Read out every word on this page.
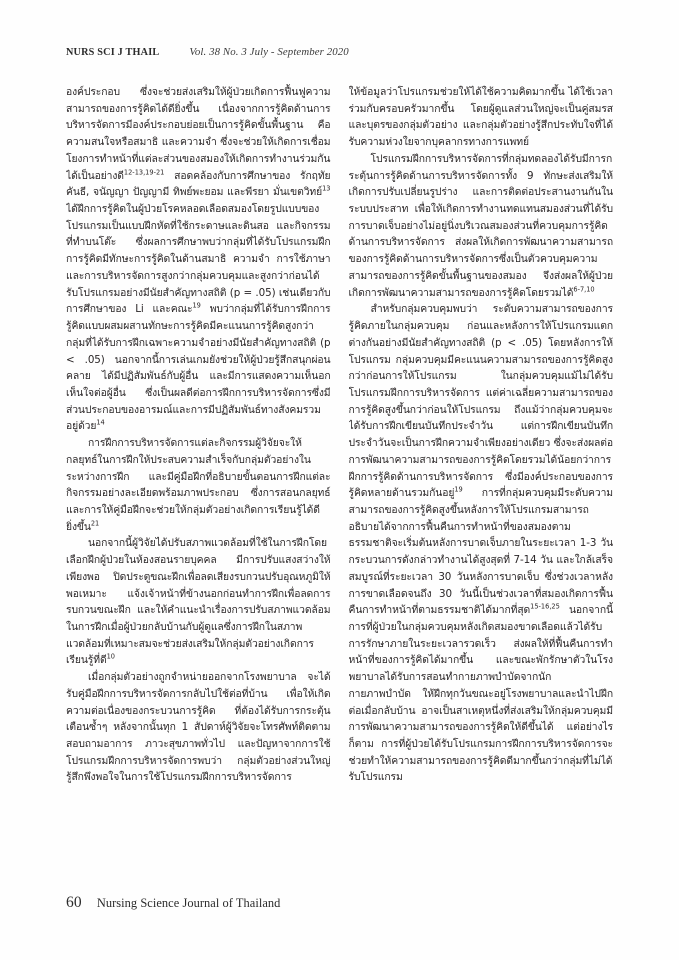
NURS SCI J THAIL	Vol. 38 No. 3 July - September 2020

องค์ประกอบ ซึ่งจะช่วยส่งเสริมให้ผู้ป่วยเกิดการฟื้นฟูความสามารถของการรู้คิดได้ดียิ่งขึ้น เนื่องจากการรู้คิดด้านการบริหารจัดการมีองค์ประกอบย่อยเป็นการรู้คิดขั้นพื้นฐาน คือ ความสนใจหรือสมาธิ และความจำ ซึ่งจะช่วยให้เกิดการเชื่อมโยงการทำหน้าที่แต่ละส่วนของสมองให้เกิดการทำงานร่วมกันได้เป็นอย่างดี$^{12-13,19-21}$ สอดคล้องกับการศึกษาของ รักฤทัยคันธี, จนัญญา ปัญญามี ทิพย์พะยอม และพีรยา มั่นเขตวิทย์$^{13}$ ได้ฝึกการรู้คิดในผู้ป่วยโรคหลอดเลือดสมองโดยรูปแบบของโปรแกรมเป็นแบบฝึกหัดที่ใช้กระดาษและดินสอ และกิจกรรมที่ทำบนโต๊ะ ซึ่งผลการศึกษาพบว่ากลุ่มที่ได้รับโปรแกรมฝึกการรู้คิดมีทักษะการรู้คิดในด้านสมาธิ ความจำ การใช้ภาษาและการบริหารจัดการสูงกว่ากลุ่มควบคุมและสูงกว่าก่อนได้รับโปรแกรมอย่างมีนัยสำคัญทางสถิติ (p = .05) เช่นเดียวกับการศึกษาของ Li และคณะ$^{19}$ พบว่ากลุ่มที่ได้รับการฝึกการรู้คิดแบบผสมผสานทักษะการรู้คิดมีคะแนนการรู้คิดสูงกว่ากลุ่มที่ได้รับการฝึกเฉพาะความจำอย่างมีนัยสำคัญทางสถิติ (p < .05) นอกจากนี้การเล่นเกมยังช่วยให้ผู้ป่วยรู้สึกสนุกผ่อนคลาย ได้มีปฏิสัมพันธ์กับผู้อื่น และมีการแสดงความเห็นอกเห็นใจต่อผู้อื่น ซึ่งเป็นผลดีต่อการฝึกการบริหารจัดการซึ่งมีส่วนประกอบของอารมณ์และการมีปฏิสัมพันธ์ทางสังคมรวมอยู่ด้วย$^{14}$

การฝึกการบริหารจัดการแต่ละกิจกรรมผู้วิจัยจะให้กลยุทธ์ในการฝึกให้ประสบความสำเร็จกับกลุ่มตัวอย่างในระหว่างการฝึก และมีคู่มือฝึกที่อธิบายขั้นตอนการฝึกแต่ละกิจกรรมอย่างละเอียดพร้อมภาพประกอบ ซึ่งการสอนกลยุทธ์และการให้คู่มือฝึกจะช่วยให้กลุ่มตัวอย่างเกิดการเรียนรู้ได้ดียิ่งขึ้น$^{21}$

นอกจากนี้ผู้วิจัยได้ปรับสภาพแวดล้อมที่ใช้ในการฝึกโดยเลือกฝึกผู้ป่วยในห้องสอนรายบุคคล มีการปรับแสงสว่างให้เพียงพอ ปิดประตูขณะฝึกเพื่อลดเสียงรบกวนปรับอุณหภูมิให้พอเหมาะ แจ้งเจ้าหน้าที่ข้างนอกก่อนทำการฝึกเพื่อลดการรบกวนขณะฝึก และให้คำแนะนำเรื่องการปรับสภาพแวดล้อมในการฝึกเมื่อผู้ป่วยกลับบ้านกับผู้ดูแลซึ่งการฝึกในสภาพแวดล้อมที่เหมาะสมจะช่วยส่งเสริมให้กลุ่มตัวอย่างเกิดการเรียนรู้ที่ดี$^{10}$

เมื่อกลุ่มตัวอย่างถูกจำหน่ายออกจากโรงพยาบาล จะได้รับคู่มือฝึกการบริหารจัดการกลับไปใช้ต่อที่บ้าน เพื่อให้เกิดความต่อเนื่องของกระบวนการรู้คิด ที่ต้องได้รับการกระตุ้นเตือนซ้ำๆ หลังจากนั้นทุก 1 สัปดาห์ผู้วิจัยจะโทรศัพท์ติดตามสอบถามอาการ ภาวะสุขภาพทั่วไป และปัญหาจากการใช้โปรแกรมฝึกการบริหารจัดการพบว่า กลุ่มตัวอย่างส่วนใหญ่รู้สึกพึงพอใจในการใช้โปรแกรมฝึกการบริหารจัดการ

ให้ข้อมูลว่าโปรแกรมช่วยให้ได้ใช้ความคิดมากขึ้น ได้ใช้เวลาร่วมกับครอบครัวมากขึ้น โดยผู้ดูแลส่วนใหญ่จะเป็นคู่สมรสและบุตรของกลุ่มตัวอย่าง และกลุ่มตัวอย่างรู้สึกประทับใจที่ได้รับความห่วงใยจากบุคลากรทางการแพทย์

โปรแกรมฝึกการบริหารจัดการที่กลุ่มทดลองได้รับมีการกระตุ้นการรู้คิดด้านการบริหารจัดการทั้ง 9 ทักษะส่งเสริมให้เกิดการปรับเปลี่ยนรูปร่าง และการติดต่อประสานงานกันในระบบประสาท เพื่อให้เกิดการทำงานทดแทนสมองส่วนที่ได้รับการบาดเจ็บอย่างไม่อยู่นิ่งบริเวณสมองส่วนที่ควบคุมการรู้คิดด้านการบริหารจัดการ ส่งผลให้เกิดการพัฒนาความสามารถของการรู้คิดด้านการบริหารจัดการซึ่งเป็นตัวควบคุมความสามารถของการรู้คิดขั้นพื้นฐานของสมอง จึงส่งผลให้ผู้ป่วยเกิดการพัฒนาความสามารถของการรู้คิดโดยรวมได้$^{6-7,10}$

สำหรับกลุ่มควบคุมพบว่า ระดับความสามารถของการรู้คิดภายในกลุ่มควบคุม ก่อนและหลังการให้โปรแกรมแตกต่างกันอย่างมีนัยสำคัญทางสถิติ (p < .05) โดยหลังการให้โปรแกรม กลุ่มควบคุมมีคะแนนความสามารถของการรู้คิดสูงกว่าก่อนการให้โปรแกรม ในกลุ่มควบคุมแม้ไม่ได้รับโปรแกรมฝึกการบริหารจัดการ แต่ค่าเฉลี่ยความสามารถของการรู้คิดสูงขึ้นกว่าก่อนให้โปรแกรม ถึงแม้ว่ากลุ่มควบคุมจะได้รับการฝึกเขียนบันทึกประจำวัน แต่การฝึกเขียนบันทึกประจำวันจะเป็นการฝึกความจำเพียงอย่างเดียว ซึ่งจะส่งผลต่อการพัฒนาความสามารถของการรู้คิดโดยรวมได้น้อยกว่าการฝึกการรู้คิดด้านการบริหารจัดการ ซึ่งมีองค์ประกอบของการรู้คิดหลายด้านรวมกันอยู่$^{19}$ การที่กลุ่มควบคุมมีระดับความสามารถของการรู้คิดสูงขึ้นหลังการให้โปรแกรมสามารถอธิบายได้จากการฟื้นคืนการทำหน้าที่ของสมองตามธรรมชาติจะเริ่มต้นหลังการบาดเจ็บภายในระยะเวลา 1-3 วัน กระบวนการดังกล่าวทำงานได้สูงสุดที่ 7-14 วัน และใกล้เสร็จสมบูรณ์ที่ระยะเวลา 30 วันหลังการบาดเจ็บ ซึ่งช่วงเวลาหลังการขาดเลือดจนถึง 30 วันนี้เป็นช่วงเวลาที่สมองเกิดการฟื้นคืนการทำหน้าที่ตามธรรมชาติได้มากที่สุด$^{15-16,25}$ นอกจากนี้การที่ผู้ป่วยในกลุ่มควบคุมหลังเกิดสมองขาดเลือดแล้วได้รับการรักษาภายในระยะเวลารวดเร็ว ส่งผลให้ที่ฟื้นคืนการทำหน้าที่ของการรู้คิดได้มากขึ้น และขณะพักรักษาตัวในโรงพยาบาลได้รับการสอนทำกายภาพบำบัดจากนักกายภาพบำบัด ให้ฝึกทุกวันขณะอยู่โรงพยาบาลและนำไปฝึกต่อเมื่อกลับบ้าน อาจเป็นสาเหตุหนึ่งที่ส่งเสริมให้กลุ่มควบคุมมีการพัฒนาความสามารถของการรู้คิดให้ดีขึ้นได้ แต่อย่างไรก็ตาม การที่ผู้ป่วยได้รับโปรแกรมการฝึกการบริหารจัดการจะช่วยทำให้ความสามารถของการรู้คิดดีมากขึ้นกว่ากลุ่มที่ไม่ได้รับโปรแกรม

60 Nursing Science Journal of Thailand
